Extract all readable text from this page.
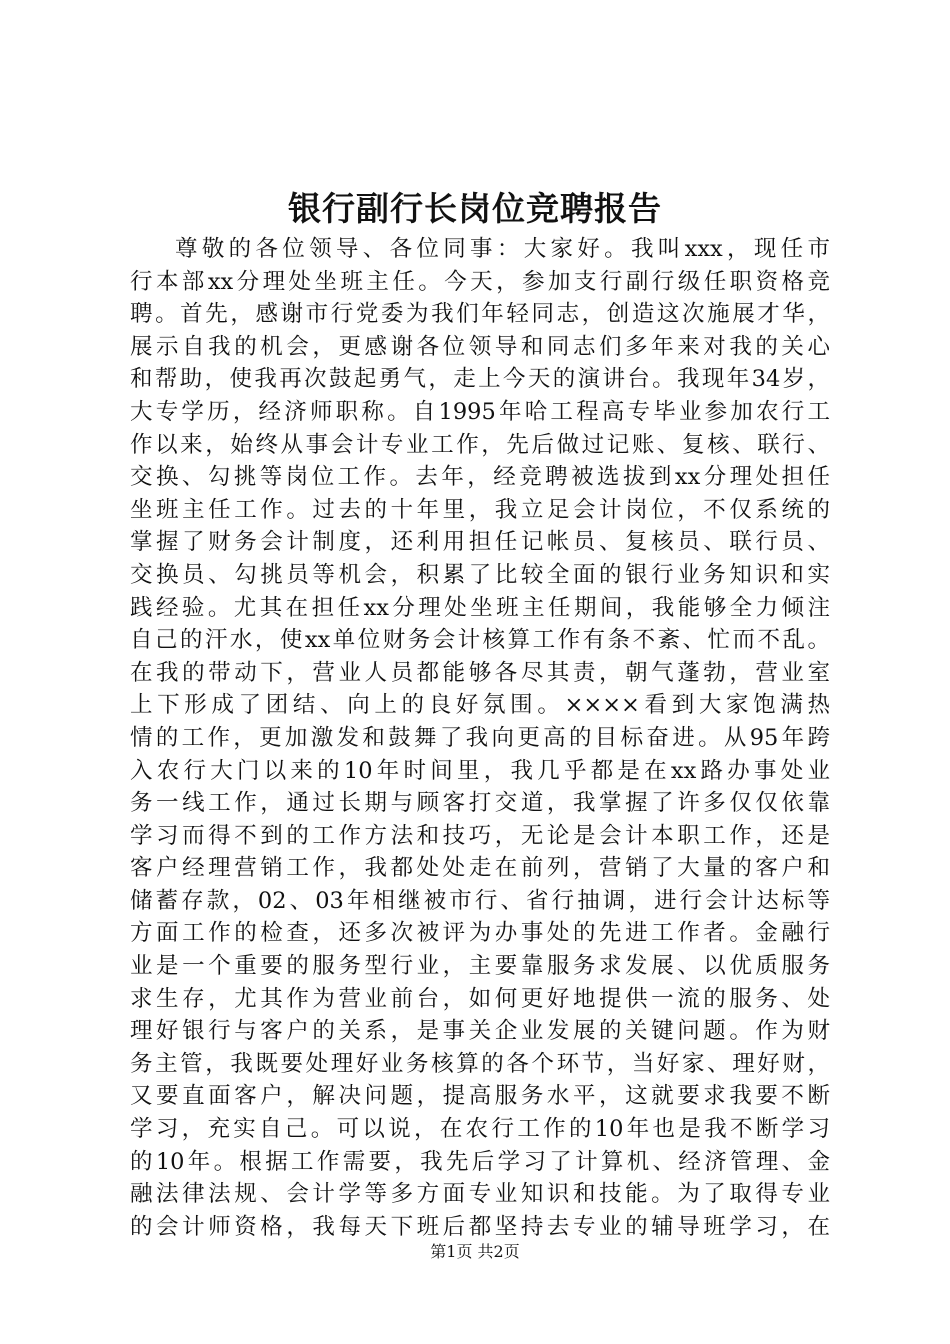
银行副行长岗位竞聘报告
尊敬的各位领导、各位同事：大家好。我叫xxx，现任市
行本部xx分理处坐班主任。今天，参加支行副行级任职资格竞
聘。首先，感谢市行党委为我们年轻同志，创造这次施展才华，
展示自我的机会，更感谢各位领导和同志们多年来对我的关心
和帮助，使我再次鼓起勇气，走上今天的演讲台。我现年34岁，
大专学历，经济师职称。自1995年哈工程高专毕业参加农行工
作以来，始终从事会计专业工作，先后做过记账、复核、联行、
交换、勾挑等岗位工作。去年，经竞聘被选拔到xx分理处担任
坐班主任工作。过去的十年里，我立足会计岗位，不仅系统的
掌握了财务会计制度，还利用担任记帐员、复核员、联行员、
交换员、勾挑员等机会，积累了比较全面的银行业务知识和实
践经验。尤其在担任xx分理处坐班主任期间，我能够全力倾注
自己的汗水，使xx单位财务会计核算工作有条不紊、忙而不乱。
在我的带动下，营业人员都能够各尽其责，朝气蓬勃，营业室
上下形成了团结、向上的良好氛围。××××看到大家饱满热
情的工作，更加激发和鼓舞了我向更高的目标奋进。从95年跨
入农行大门以来的10年时间里，我几乎都是在xx路办事处业
务一线工作，通过长期与顾客打交道，我掌握了许多仅仅依靠
学习而得不到的工作方法和技巧，无论是会计本职工作，还是
客户经理营销工作，我都处处走在前列，营销了大量的客户和
储蓄存款，02、03年相继被市行、省行抽调，进行会计达标等
方面工作的检查，还多次被评为办事处的先进工作者。金融行
业是一个重要的服务型行业，主要靠服务求发展、以优质服务
求生存，尤其作为营业前台，如何更好地提供一流的服务、处
理好银行与客户的关系，是事关企业发展的关键问题。作为财
务主管，我既要处理好业务核算的各个环节，当好家、理好财，
又要直面客户，解决问题，提高服务水平，这就要求我要不断
学习，充实自己。可以说，在农行工作的10年也是我不断学习
的10年。根据工作需要，我先后学习了计算机、经济管理、金
融法律法规、会计学等多方面专业知识和技能。为了取得专业
的会计师资格，我每天下班后都坚持去专业的辅导班学习，在
第1页 共2页
